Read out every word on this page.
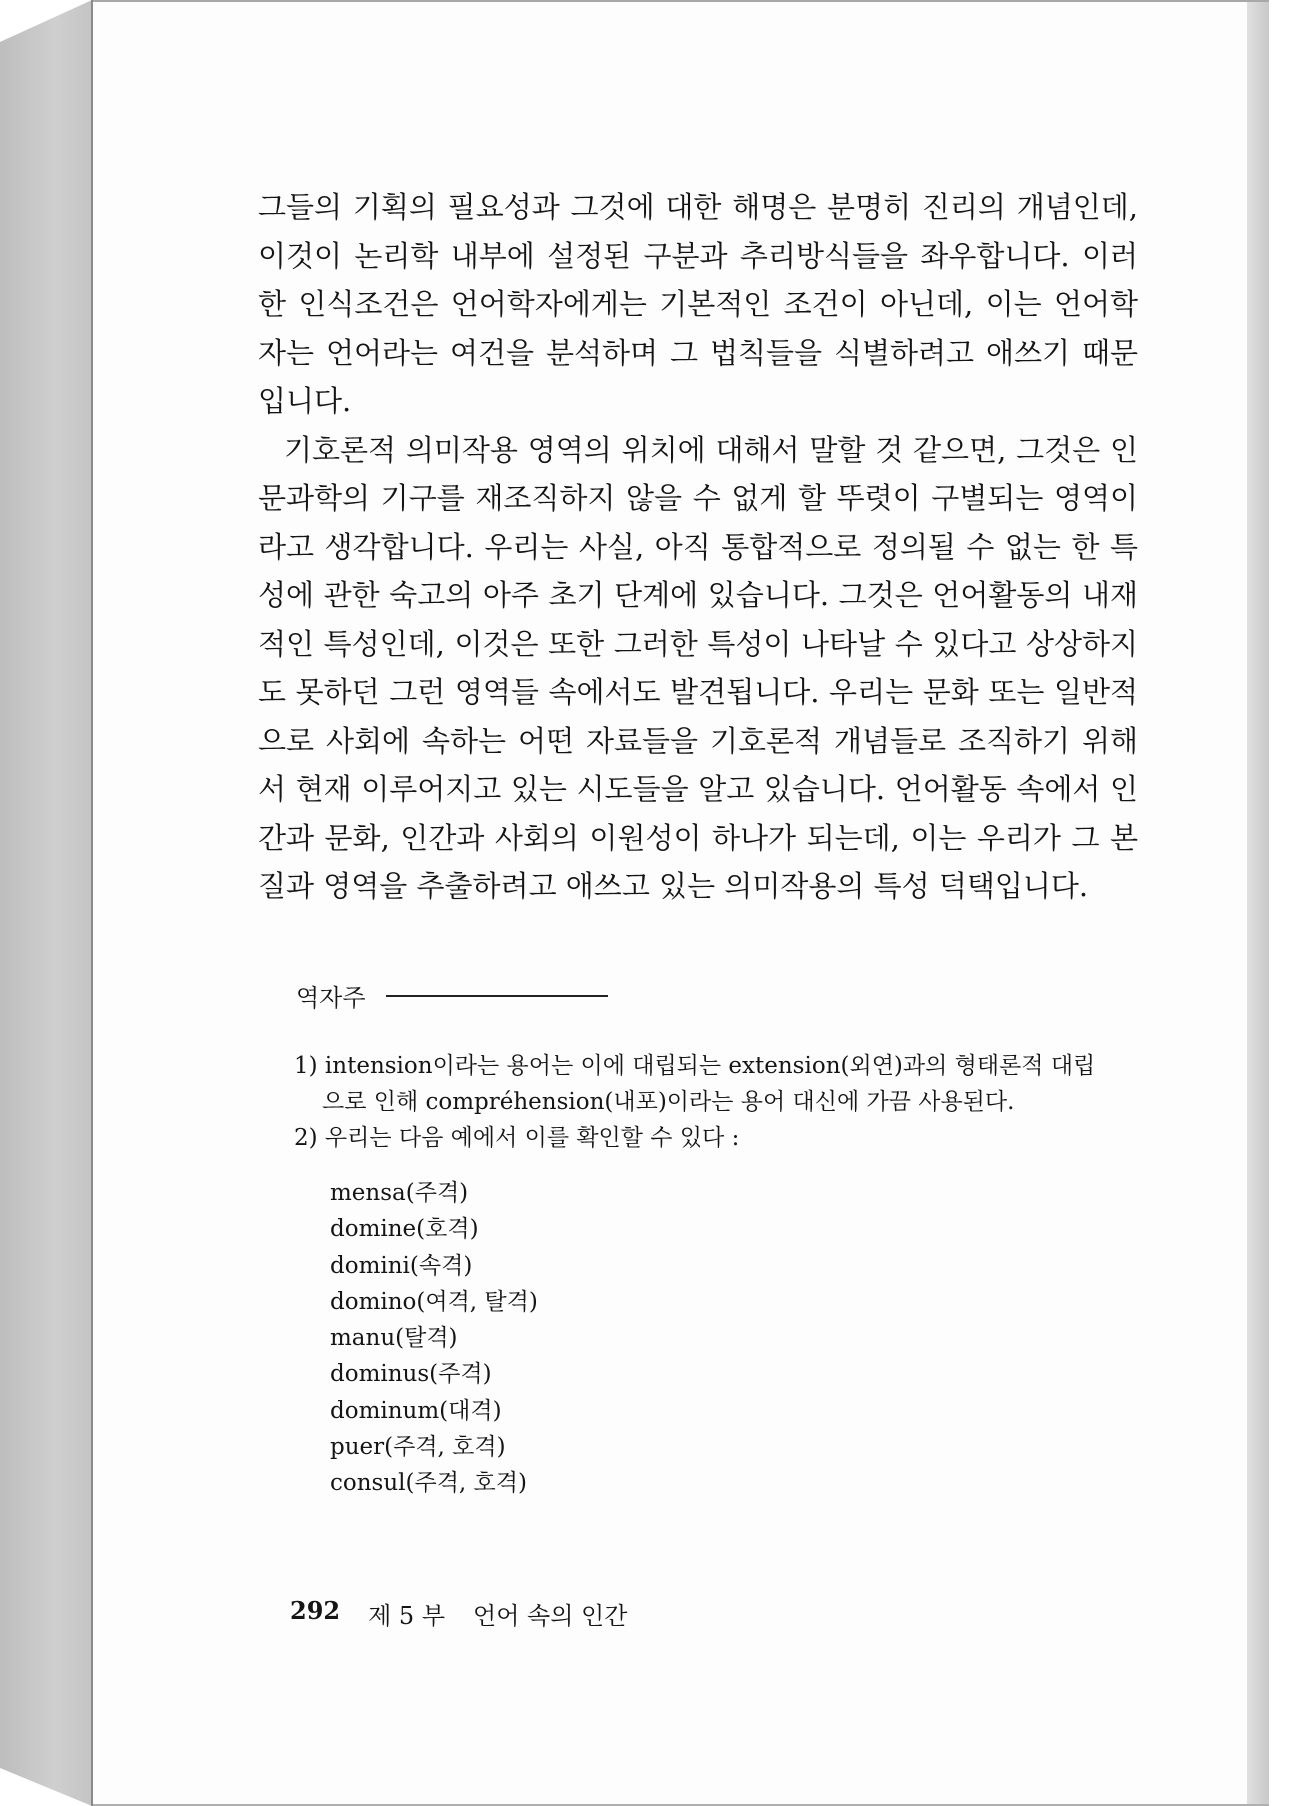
그들의 기획의 필요성과 그것에 대한 해명은 분명히 진리의 개념인데, 이것이 논리학 내부에 설정된 구분과 추리방식들을 좌우합니다. 이러한 인식조건은 언어학자에게는 기본적인 조건이 아닌데, 이는 언어학자는 언어라는 여건을 분석하며 그 법칙들을 식별하려고 애쓰기 때문입니다.

기호론적 의미작용 영역의 위치에 대해서 말할 것 같으면, 그것은 인문과학의 기구를 재조직하지 않을 수 없게 할 뚜렷이 구별되는 영역이라고 생각합니다. 우리는 사실, 아직 통합적으로 정의될 수 없는 한 특성에 관한 숙고의 아주 초기 단계에 있습니다. 그것은 언어활동의 내재적인 특성인데, 이것은 또한 그러한 특성이 나타날 수 있다고 상상하지도 못하던 그런 영역들 속에서도 발견됩니다. 우리는 문화 또는 일반적으로 사회에 속하는 어떤 자료들을 기호론적 개념들로 조직하기 위해서 현재 이루어지고 있는 시도들을 알고 있습니다. 언어활동 속에서 인간과 문화, 인간과 사회의 이원성이 하나가 되는데, 이는 우리가 그 본질과 영역을 추출하려고 애쓰고 있는 의미작용의 특성 덕택입니다.

역자주
1) intension이라는 용어는 이에 대립되는 extension(외연)과의 형태론적 대립
으로 인해 compréhension(내포)이라는 용어 대신에 가끔 사용된다.
2) 우리는 다음 예에서 이를 확인할 수 있다 :
mensa(주격)
domine(호격)
domini(속격)
domino(여격, 탈격)
manu(탈격)
dominus(주격)
dominum(대격)
puer(주격, 호격)
consul(주격, 호격)
292 제 5 부 언어 속의 인간
